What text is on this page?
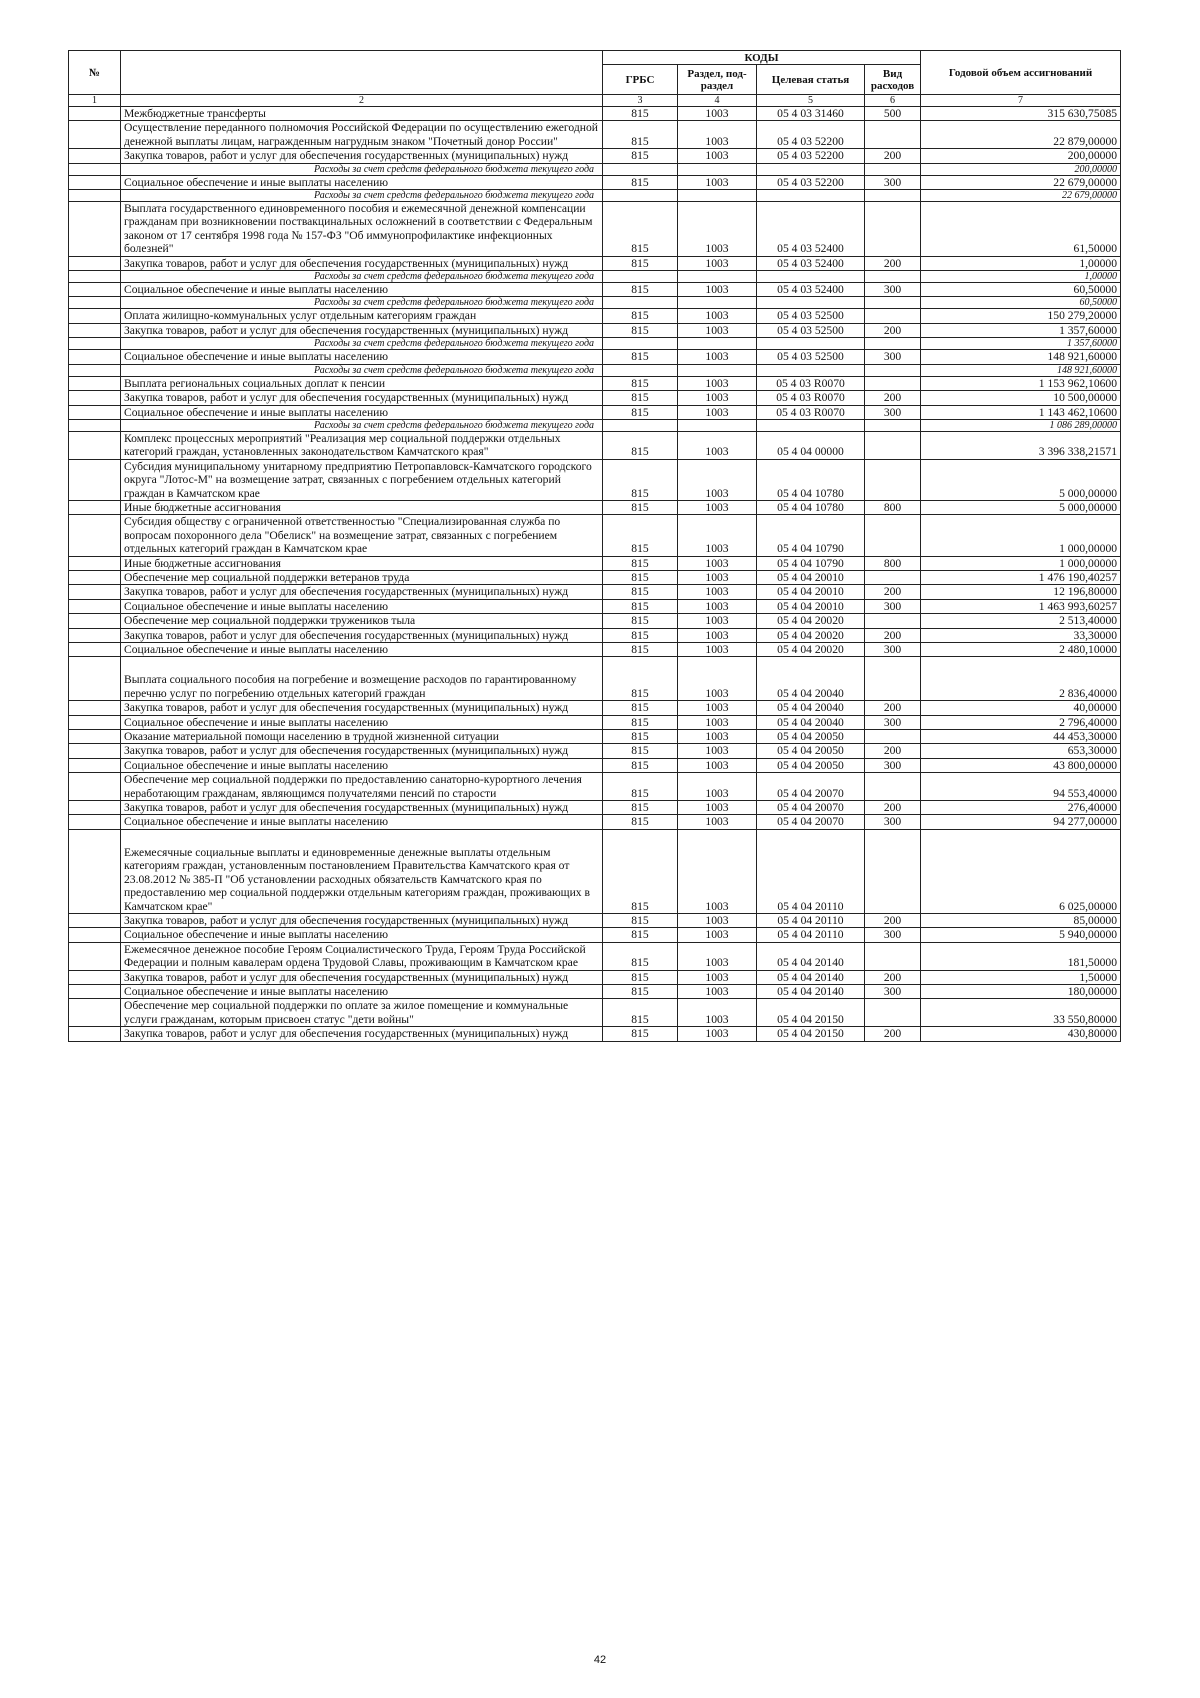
№		КОДЫ				Годовой объем ассигнований
		ГРБС	Раздел, под-раздел	Целевая статья	Вид расходов	
1	2	3	4	5	6	7
	Межбюджетные трансферты	815	1003	05 4 03 31460	500	315 630,75085
	Осуществление переданного полномочия Российской Федерации по осуществлению ежегодной денежной выплаты лицам, награжденным нагрудным знаком "Почетный донор России"	815	1003	05 4 03 52200		22 879,00000
	Закупка товаров, работ и услуг для обеспечения государственных (муниципальных) нужд	815	1003	05 4 03 52200	200	200,00000
	Расходы за счет средств федерального бюджета текущего года					200,00000
	Социальное обеспечение и иные выплаты населению	815	1003	05 4 03 52200	300	22 679,00000
	Расходы за счет средств федерального бюджета текущего года					22 679,00000
	Выплата государственного единовременного пособия и ежемесячной денежной компенсации гражданам при возникновении поствакцинальных осложнений в соответствии с Федеральным законом от 17 сентября 1998 года № 157-ФЗ "Об иммунопрофилактике инфекционных болезней"	815	1003	05 4 03 52400		61,50000
	Закупка товаров, работ и услуг для обеспечения государственных (муниципальных) нужд	815	1003	05 4 03 52400	200	1,00000
	Расходы за счет средств федерального бюджета текущего года					1,00000
	Социальное обеспечение и иные выплаты населению	815	1003	05 4 03 52400	300	60,50000
	Расходы за счет средств федерального бюджета текущего года					60,50000
	Оплата жилищно-коммунальных услуг отдельным категориям граждан	815	1003	05 4 03 52500		150 279,20000
	Закупка товаров, работ и услуг для обеспечения государственных (муниципальных) нужд	815	1003	05 4 03 52500	200	1 357,60000
	Расходы за счет средств федерального бюджета текущего года					1 357,60000
	Социальное обеспечение и иные выплаты населению	815	1003	05 4 03 52500	300	148 921,60000
	Расходы за счет средств федерального бюджета текущего года					148 921,60000
	Выплата региональных социальных доплат к пенсии	815	1003	05 4 03 R0070		1 153 962,10600
	Закупка товаров, работ и услуг для обеспечения государственных (муниципальных) нужд	815	1003	05 4 03 R0070	200	10 500,00000
	Социальное обеспечение и иные выплаты населению	815	1003	05 4 03 R0070	300	1 143 462,10600
	Расходы за счет средств федерального бюджета текущего года					1 086 289,00000
	Комплекс процессных мероприятий "Реализация мер социальной поддержки отдельных категорий граждан, установленных законодательством Камчатского края"	815	1003	05 4 04 00000		3 396 338,21571
	Субсидия муниципальному унитарному предприятию Петропавловск-Камчатского городского округа "Лотос-М" на возмещение затрат, связанных с погребением отдельных категорий граждан в Камчатском крае	815	1003	05 4 04 10780		5 000,00000
	Иные бюджетные ассигнования	815	1003	05 4 04 10780	800	5 000,00000
	Субсидия обществу с ограниченной ответственностью "Специализированная служба по вопросам похоронного дела "Обелиск" на возмещение затрат, связанных с погребением отдельных категорий граждан в Камчатском крае	815	1003	05 4 04 10790		1 000,00000
	Иные бюджетные ассигнования	815	1003	05 4 04 10790	800	1 000,00000
	Обеспечение мер социальной поддержки ветеранов труда	815	1003	05 4 04 20010		1 476 190,40257
	Закупка товаров, работ и услуг для обеспечения государственных (муниципальных) нужд	815	1003	05 4 04 20010	200	12 196,80000
	Социальное обеспечение и иные выплаты населению	815	1003	05 4 04 20010	300	1 463 993,60257
	Обеспечение мер социальной поддержки тружеников тыла	815	1003	05 4 04 20020		2 513,40000
	Закупка товаров, работ и услуг для обеспечения государственных (муниципальных) нужд	815	1003	05 4 04 20020	200	33,30000
	Социальное обеспечение и иные выплаты населению	815	1003	05 4 04 20020	300	2 480,10000
	Выплата социального пособия на погребение и возмещение расходов по гарантированному перечню услуг по погребению отдельных категорий граждан	815	1003	05 4 04 20040		2 836,40000
	Закупка товаров, работ и услуг для обеспечения государственных (муниципальных) нужд	815	1003	05 4 04 20040	200	40,00000
	Социальное обеспечение и иные выплаты населению	815	1003	05 4 04 20040	300	2 796,40000
	Оказание материальной помощи населению в трудной жизненной ситуации	815	1003	05 4 04 20050		44 453,30000
	Закупка товаров, работ и услуг для обеспечения государственных (муниципальных) нужд	815	1003	05 4 04 20050	200	653,30000
	Социальное обеспечение и иные выплаты населению	815	1003	05 4 04 20050	300	43 800,00000
	Обеспечение мер социальной поддержки по предоставлению санаторно-курортного лечения неработающим гражданам, являющимся получателями пенсий по старости	815	1003	05 4 04 20070		94 553,40000
	Закупка товаров, работ и услуг для обеспечения государственных (муниципальных) нужд	815	1003	05 4 04 20070	200	276,40000
	Социальное обеспечение и иные выплаты населению	815	1003	05 4 04 20070	300	94 277,00000
	Ежемесячные социальные выплаты и единовременные денежные выплаты отдельным категориям граждан, установленным постановлением Правительства Камчатского края от 23.08.2012 № 385-П "Об установлении расходных обязательств Камчатского края по предоставлению мер социальной поддержки отдельным категориям граждан, проживающих в Камчатском крае"	815	1003	05 4 04 20110		6 025,00000
	Закупка товаров, работ и услуг для обеспечения государственных (муниципальных) нужд	815	1003	05 4 04 20110	200	85,00000
	Социальное обеспечение и иные выплаты населению	815	1003	05 4 04 20110	300	5 940,00000
	Ежемесячное денежное пособие Героям Социалистического Труда, Героям Труда Российской Федерации и полным кавалерам ордена Трудовой Славы, проживающим в Камчатском крае	815	1003	05 4 04 20140		181,50000
	Закупка товаров, работ и услуг для обеспечения государственных (муниципальных) нужд	815	1003	05 4 04 20140	200	1,50000
	Социальное обеспечение и иные выплаты населению	815	1003	05 4 04 20140	300	180,00000
	Обеспечение мер социальной поддержки по оплате за жилое помещение и коммунальные услуги гражданам, которым присвоен статус "дети войны"	815	1003	05 4 04 20150		33 550,80000
	Закупка товаров, работ и услуг для обеспечения государственных (муниципальных) нужд	815	1003	05 4 04 20150	200	430,80000
42
